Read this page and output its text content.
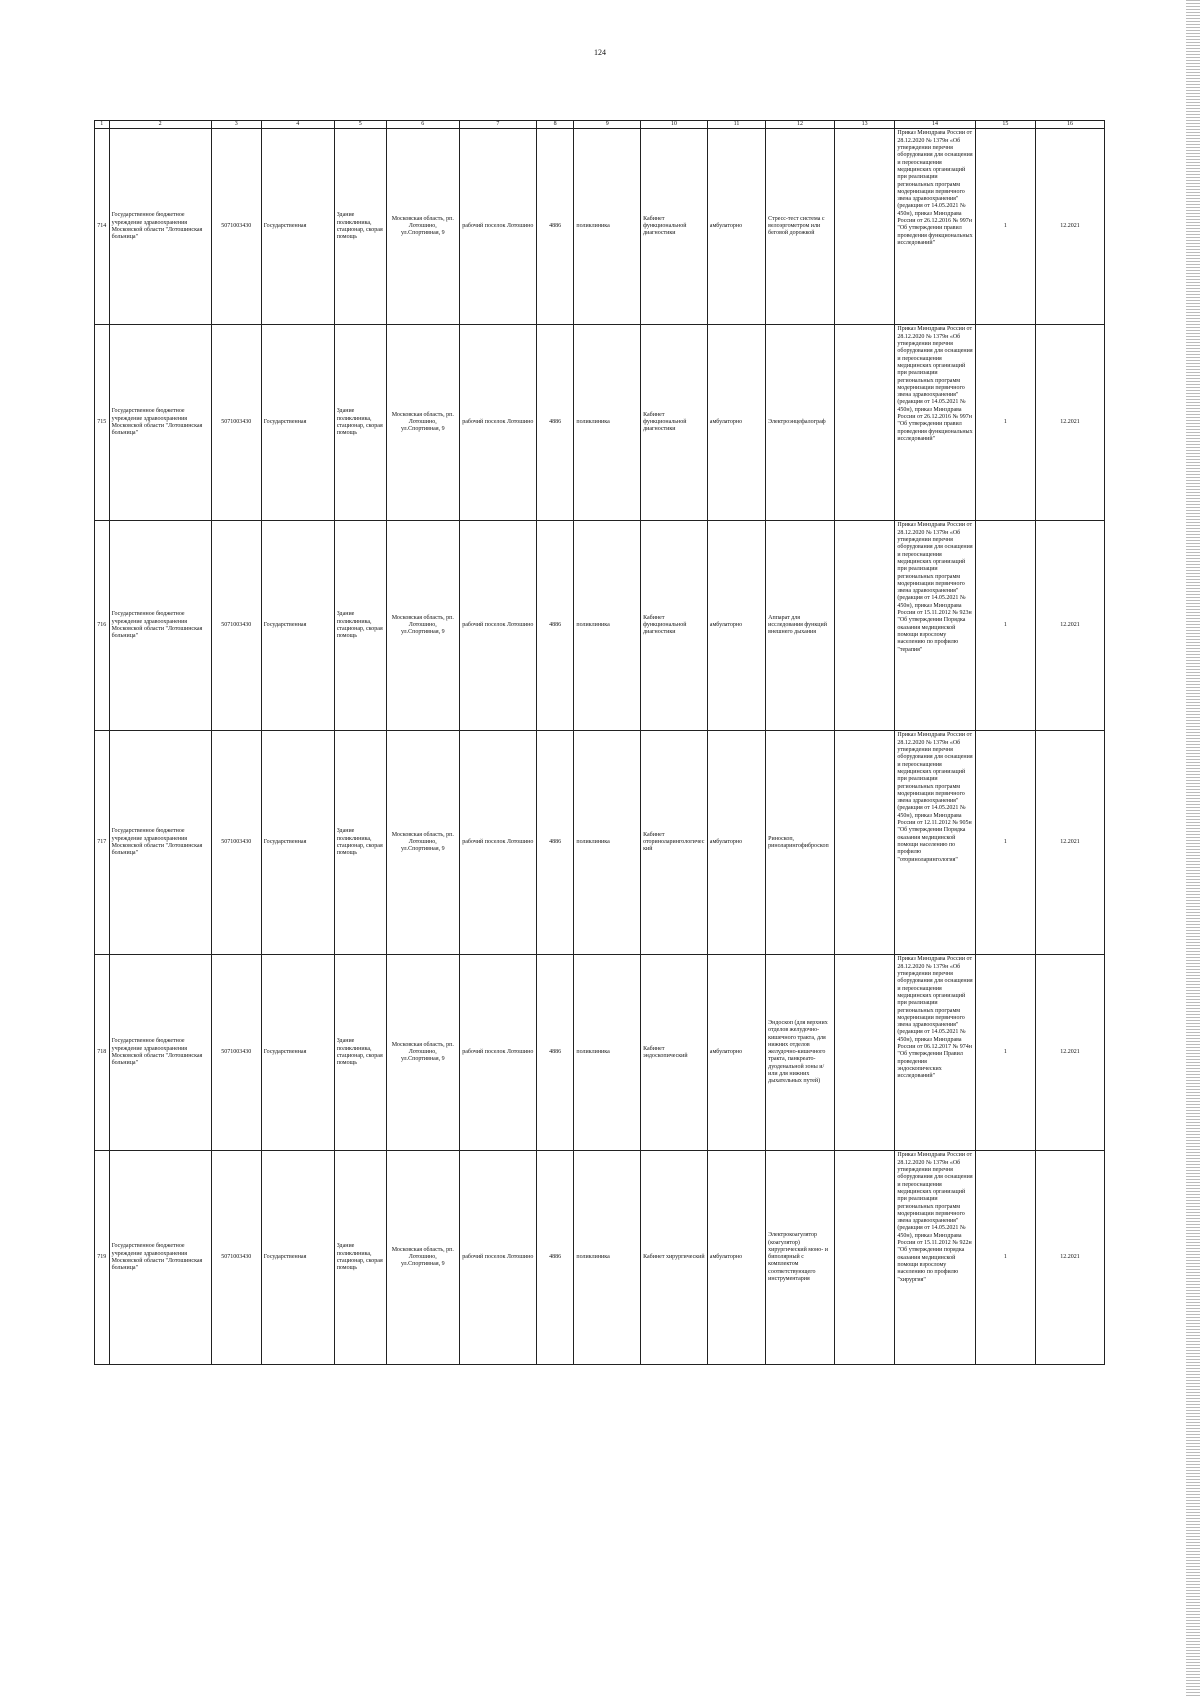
124
1	2	3	4	5	6	7	8	9	10	11	12	13	14	15	16
714	Государственное бюджетное учреждение здравоохранения Московской области "Лотошинская больница"	5071003430	Государственная	Здание поликлиника, стационар, скорая помощь	Московская область, рп. Лотошино, ул.Спортивная, 9	рабочий поселок Лотошино	4886	поликлиника	Кабинет функциональной диагностики	амбулаторно	Стресс-тест система с велоэргометром или беговой дорожкой		Приказ Минздрава России от 28.12.2020 № 1379н «Об утверждении перечня оборудования для оснащения и переоснащения медицинских организаций при реализации региональных программ модернизации первичного звена здравоохранения"(редакция от 14.05.2021 № 450н), приказ Минздрава России от 26.12.2016 № 997н "Об утверждении правил проведения функциональных исследований"	1	12.2021
715	Государственное бюджетное учреждение здравоохранения Московской области "Лотошинская больница"	5071003430	Государственная	Здание поликлиника, стационар, скорая помощь	Московская область, рп. Лотошино, ул.Спортивная, 9	рабочий поселок Лотошино	4886	поликлиника	Кабинет функциональной диагностики	амбулаторно	Электроэнцефалограф		Приказ Минздрава России от 28.12.2020 № 1379н «Об утверждении перечня оборудования для оснащения и переоснащения медицинских организаций при реализации региональных программ модернизации первичного звена здравоохранения"(редакция от 14.05.2021 № 450н), приказ Минздрава России от 26.12.2016 № 997н "Об утверждении правил проведения функциональных исследований"	1	12.2021
716	Государственное бюджетное учреждение здравоохранения Московской области "Лотошинская больница"	5071003430	Государственная	Здание поликлиника, стационар, скорая помощь	Московская область, рп. Лотошино, ул.Спортивная, 9	рабочий поселок Лотошино	4886	поликлиника	Кабинет функциональной диагностики	амбулаторно	Аппарат для исследования функций внешнего дыхания		Приказ Минздрава России от 28.12.2020 № 1379н «Об утверждении перечня оборудования для оснащения и переоснащения медицинских организаций при реализации региональных программ модернизации первичного звена здравоохранения"(редакция от 14.05.2021 № 450н), приказ Минздрава России от 15.11.2012 № 923н "Об утверждении Порядка оказания медицинской помощи взрослому населению по профилю "терапия"	1	12.2021
717	Государственное бюджетное учреждение здравоохранения Московской области "Лотошинская больница"	5071003430	Государственная	Здание поликлиника, стационар, скорая помощь	Московская область, рп. Лотошино, ул.Спортивная, 9	рабочий поселок Лотошино	4886	поликлиника	Кабинет оториноларингологический	амбулаторно	Риноскоп, риноларингофиброскоп		Приказ Минздрава России от 28.12.2020 № 1379н «Об утверждении перечня оборудования для оснащения и переоснащения медицинских организаций при реализации региональных программ модернизации первичного звена здравоохранения"(редакция от 14.05.2021 № 450н), приказ Минздрава России от 12.11.2012 № 905н "Об утверждении Порядка оказания медицинской помощи населению по профилю "оториноларингология"	1	12.2021
718	Государственное бюджетное учреждение здравоохранения Московской области "Лотошинская больница"	5071003430	Государственная	Здание поликлиника, стационар, скорая помощь	Московская область, рп. Лотошино, ул.Спортивная, 9	рабочий поселок Лотошино	4886	поликлиника	Кабинет эндоскопический	амбулаторно	Эндоскоп (для верхних отделов желудочно-кишечного тракта, для нижних отделов желудочно-кишечного тракта, панкреато-дуоденальной зоны и/или для нижних дыхательных путей)		Приказ Минздрава России от 28.12.2020 № 1379н «Об утверждении перечня оборудования для оснащения и переоснащения медицинских организаций при реализации региональных программ модернизации первичного звена здравоохранения"(редакция от 14.05.2021 № 450н), приказ Минздрава России от 06.12.2017 № 974н "Об утверждении Правил проведения эндоскопических исследований"	1	12.2021
719	Государственное бюджетное учреждение здравоохранения Московской области "Лотошинская больница"	5071003430	Государственная	Здание поликлиника, стационар, скорая помощь	Московская область, рп. Лотошино, ул.Спортивная, 9	рабочий поселок Лотошино	4886	поликлиника	Кабинет хирургический	амбулаторно	Электрокоагулятор (коагулятор) хирургический моно- и биполярный с комплектом соответствующего инструментария		Приказ Минздрава России от 28.12.2020 № 1379н «Об утверждении перечня оборудования для оснащения и переоснащения медицинских организаций при реализации региональных программ модернизации первичного звена здравоохранения"(редакция от 14.05.2021 № 450н), приказ Минздрава России от 15.11.2012 № 922н "Об утверждении порядка оказания медицинской помощи взрослому населению по профилю "хирургия"	1	12.2021
